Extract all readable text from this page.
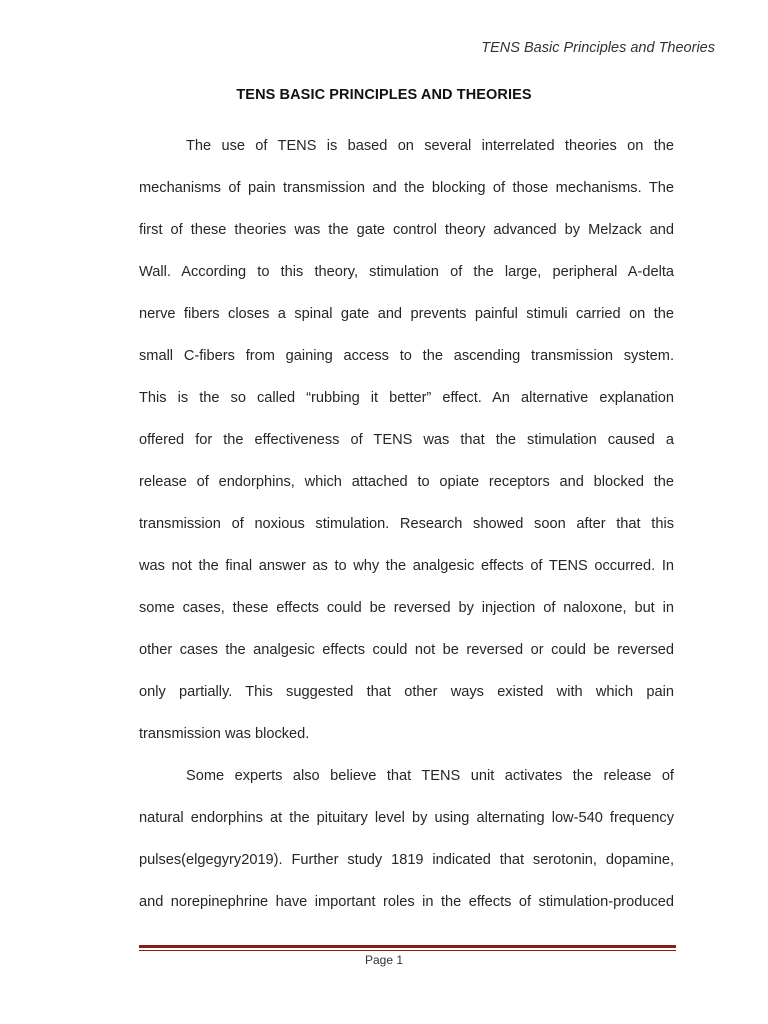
TENS Basic Principles and Theories
TENS BASIC PRINCIPLES AND THEORIES
The use of TENS is based on several interrelated theories on the
mechanisms of pain transmission and the blocking of those mechanisms. The
first of these theories was the gate control theory advanced by Melzack and
Wall. According to this theory, stimulation of the large, peripheral A-delta
nerve fibers closes a spinal gate and prevents painful stimuli carried on the
small C-fibers from gaining access to the ascending transmission system.
This is the so called “rubbing it better” effect. An alternative explanation
offered for the effectiveness of TENS was that the stimulation caused a
release of endorphins, which attached to opiate receptors and blocked the
transmission of noxious stimulation. Research showed soon after that this
was not the final answer as to why the analgesic effects of TENS occurred. In
some cases, these effects could be reversed by injection of naloxone, but in
other cases the analgesic effects could not be reversed or could be reversed
only partially. This suggested that other ways existed with which pain
transmission was blocked.
Some experts also believe that TENS unit activates the release of
natural endorphins at the pituitary level by using alternating low-540 frequency
pulses(elgegyry2019). Further study 1819 indicated that serotonin, dopamine,
and norepinephrine have important roles in the effects of stimulation-produced
Page 1
